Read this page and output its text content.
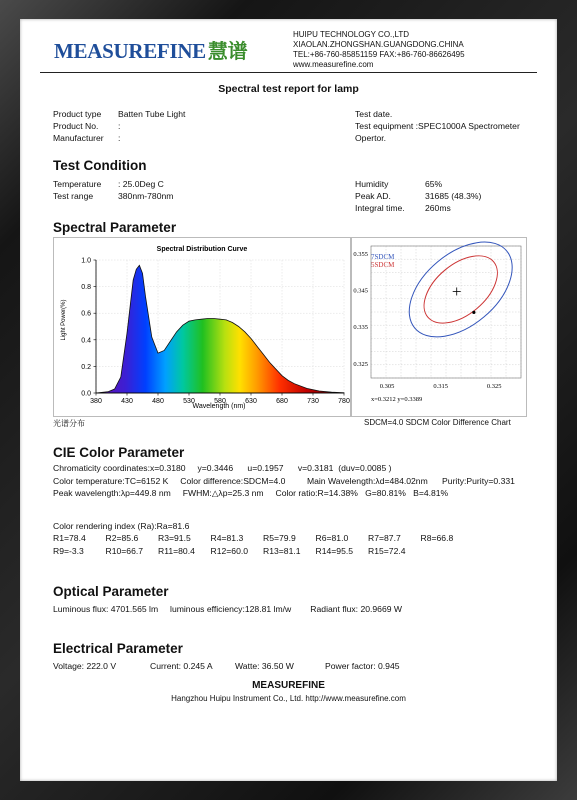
MEASUREFINE 慧谱
HUIPU TECHNOLOGY CO.,LTD
XIAOLAN.ZHONGSHAN.GUANGDONG.CHINA
TEL:+86-760-85851159 FAX:+86-760-86626495
www.measurefine.com
Spectral test report for lamp
Product type Batten Tube Light
Product No. :
Manufacturer :
Test date.
Test equipment :SPEC1000A Spectrometer
Opertor.
Test Condition
Temperature : 25.0Deg C
Test range	380nm-780nm
Humidity	65%
Peak AD.	31685 (48.3%)
Integral time. 260ms
Spectral Parameter
Spectral Distribution Curve
380	430	480	530	580	630	680	730	780
0.0
0.2
0.4
0.6
0.8
1.0
Wavelength (nm)
Light Power(%)
7SDCM
5SDCM
0.305	0.315	0.325
0.355
0.345
0.335
0.325
x=0.3212 y=0.3389
光谱分布	SDCM=4.0 SDCM Color Difference Chart
CIE Color Parameter
Chromaticity coordinates:x=0.3180     y=0.3446      u=0.1957      v=0.3181  (duv=0.0085 )
Color temperature:TC=6152 K     Color difference:SDCM=4.0         Main Wavelength:λd=484.02nm      Purity:Purity=0.331
Peak wavelength:λp=449.8 nm     FWHM:△λp=25.3 nm     Color ratio:R=14.38%   G=80.81%   B=4.81%
Color rendering index (Ra):Ra=81.6
R1=78.4 R2=85.6 R3=91.5 R4=81.3 R5=79.9 R6=81.0 R7=87.7 R8=66.8
R9=-3.3	R10=66.7 R11=80.4 R12=60.0 R13=81.1 R14=95.5 R15=72.4
Optical Parameter
Luminous flux: 4701.565 lm     luminous efficiency:128.81 lm/w        Radiant flux: 20.9669 W
Electrical Parameter
Voltage: 222.0 V	Current: 0.245 A	Watte: 36.50 W	Power factor: 0.945
MEASUREFINE
Hangzhou Huipu Instrument Co., Ltd. http://www.measurefine.com
